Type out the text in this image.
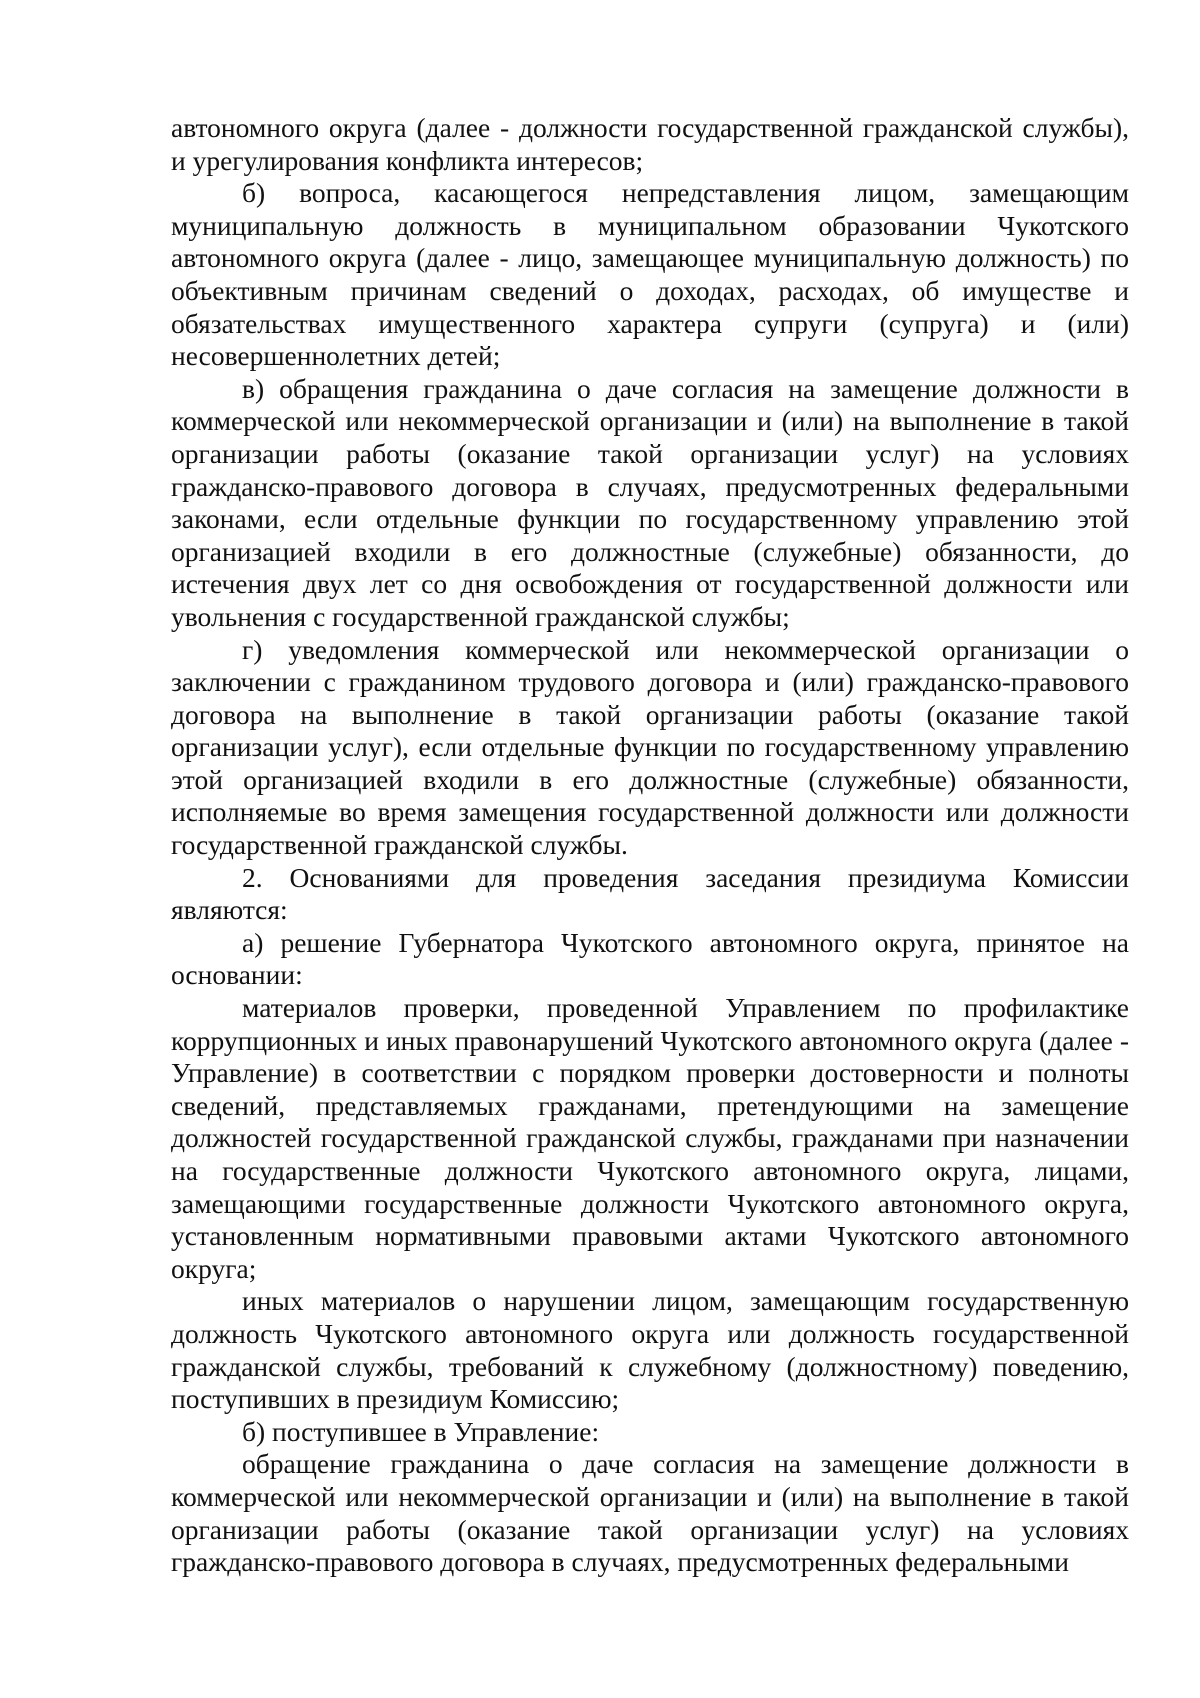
автономного округа (далее - должности государственной гражданской службы), и урегулирования конфликта интересов;

б) вопроса, касающегося непредставления лицом, замещающим муниципальную должность в муниципальном образовании Чукотского автономного округа (далее - лицо, замещающее муниципальную должность) по объективным причинам сведений о доходах, расходах, об имуществе и обязательствах имущественного характера супруги (супруга) и (или) несовершеннолетних детей;

в) обращения гражданина о даче согласия на замещение должности в коммерческой или некоммерческой организации и (или) на выполнение в такой организации работы (оказание такой организации услуг) на условиях гражданско-правового договора в случаях, предусмотренных федеральными законами, если отдельные функции по государственному управлению этой организацией входили в его должностные (служебные) обязанности, до истечения двух лет со дня освобождения от государственной должности или увольнения с государственной гражданской службы;

г) уведомления коммерческой или некоммерческой организации о заключении с гражданином трудового договора и (или) гражданско-правового договора на выполнение в такой организации работы (оказание такой организации услуг), если отдельные функции по государственному управлению этой организацией входили в его должностные (служебные) обязанности, исполняемые во время замещения государственной должности или должности государственной гражданской службы.

2. Основаниями для проведения заседания президиума Комиссии являются:

а) решение Губернатора Чукотского автономного округа, принятое на основании:

материалов проверки, проведенной Управлением по профилактике коррупционных и иных правонарушений Чукотского автономного округа (далее - Управление) в соответствии с порядком проверки достоверности и полноты сведений, представляемых гражданами, претендующими на замещение должностей государственной гражданской службы, гражданами при назначении на государственные должности Чукотского автономного округа, лицами, замещающими государственные должности Чукотского автономного округа, установленным нормативными правовыми актами Чукотского автономного округа;

иных материалов о нарушении лицом, замещающим государственную должность Чукотского автономного округа или должность государственной гражданской службы, требований к служебному (должностному) поведению, поступивших в президиум Комиссию;

б) поступившее в Управление:

обращение гражданина о даче согласия на замещение должности в коммерческой или некоммерческой организации и (или) на выполнение в такой организации работы (оказание такой организации услуг) на условиях гражданско-правового договора в случаях, предусмотренных федеральными
